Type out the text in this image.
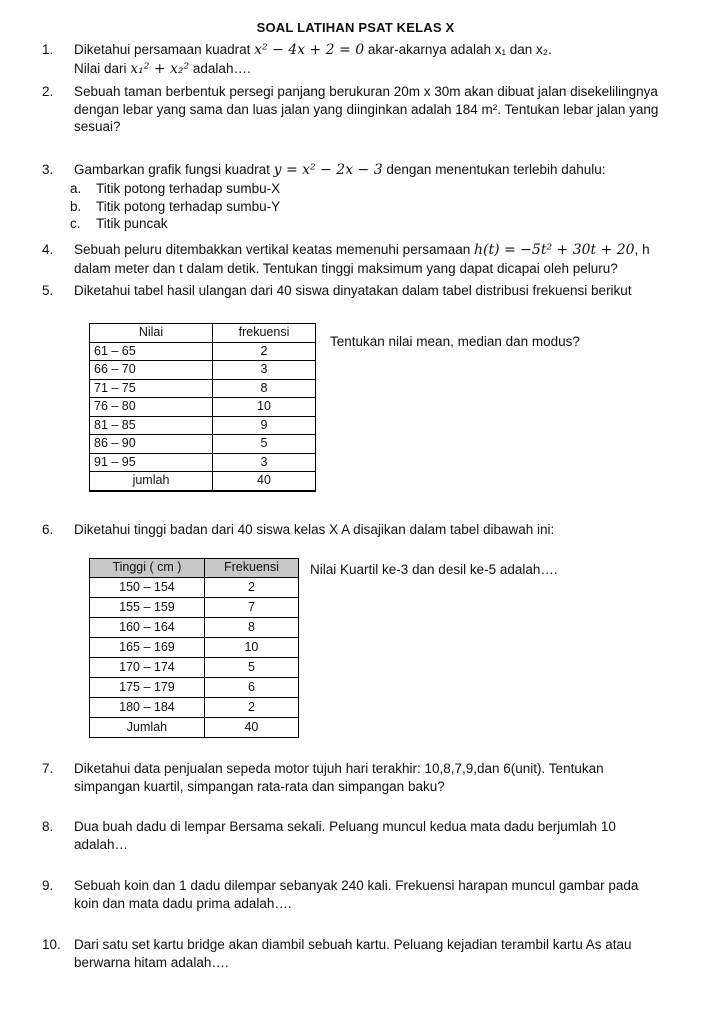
SOAL LATIHAN PSAT KELAS X
1.	Diketahui persamaan kuadrat x² − 4x + 2 = 0 akar-akarnya adalah x₁ dan x₂.
Nilai dari x₁² + x₂² adalah….
2.	Sebuah taman berbentuk persegi panjang berukuran 20m x 30m akan dibuat jalan disekelilingnya
dengan lebar yang sama dan luas jalan yang diinginkan adalah 184 m². Tentukan lebar jalan yang
sesuai?
3.	Gambarkan grafik fungsi kuadrat y = x² − 2x − 3 dengan menentukan terlebih dahulu:
a. Titik potong terhadap sumbu-X
b. Titik potong terhadap sumbu-Y
c. Titik puncak
4.	Sebuah peluru ditembakkan vertikal keatas memenuhi persamaan h(t) = −5t² + 30t + 20, h
dalam meter dan t dalam detik. Tentukan tinggi maksimum yang dapat dicapai oleh peluru?
5.	Diketahui tabel hasil ulangan dari 40 siswa dinyatakan dalam tabel distribusi frekuensi berikut
Nilai	frekuensi
61 – 65	2
66 – 70	3
71 – 75	8
76 – 80	10
81 – 85	9
86 – 90	5
91 – 95	3
jumlah	40
Tentukan nilai mean, median dan modus?
6.	Diketahui tinggi badan dari 40 siswa kelas X A disajikan dalam tabel dibawah ini:
Tinggi ( cm )	Frekuensi
150 – 154	2
155 – 159	7
160 – 164	8
165 – 169	10
170 – 174	5
175 – 179	6
180 – 184	2
Jumlah	40
Nilai Kuartil ke-3 dan desil ke-5 adalah….
7.	Diketahui data penjualan sepeda motor tujuh hari terakhir: 10,8,7,9,dan 6(unit). Tentukan
simpangan kuartil, simpangan rata-rata dan simpangan baku?
8.	Dua buah dadu di lempar Bersama sekali. Peluang muncul kedua mata dadu berjumlah 10
adalah…
9.	Sebuah koin dan 1 dadu dilempar sebanyak 240 kali. Frekuensi harapan muncul gambar pada
koin dan mata dadu prima adalah….
10. Dari satu set kartu bridge akan diambil sebuah kartu. Peluang kejadian terambil kartu As atau
berwarna hitam adalah….
